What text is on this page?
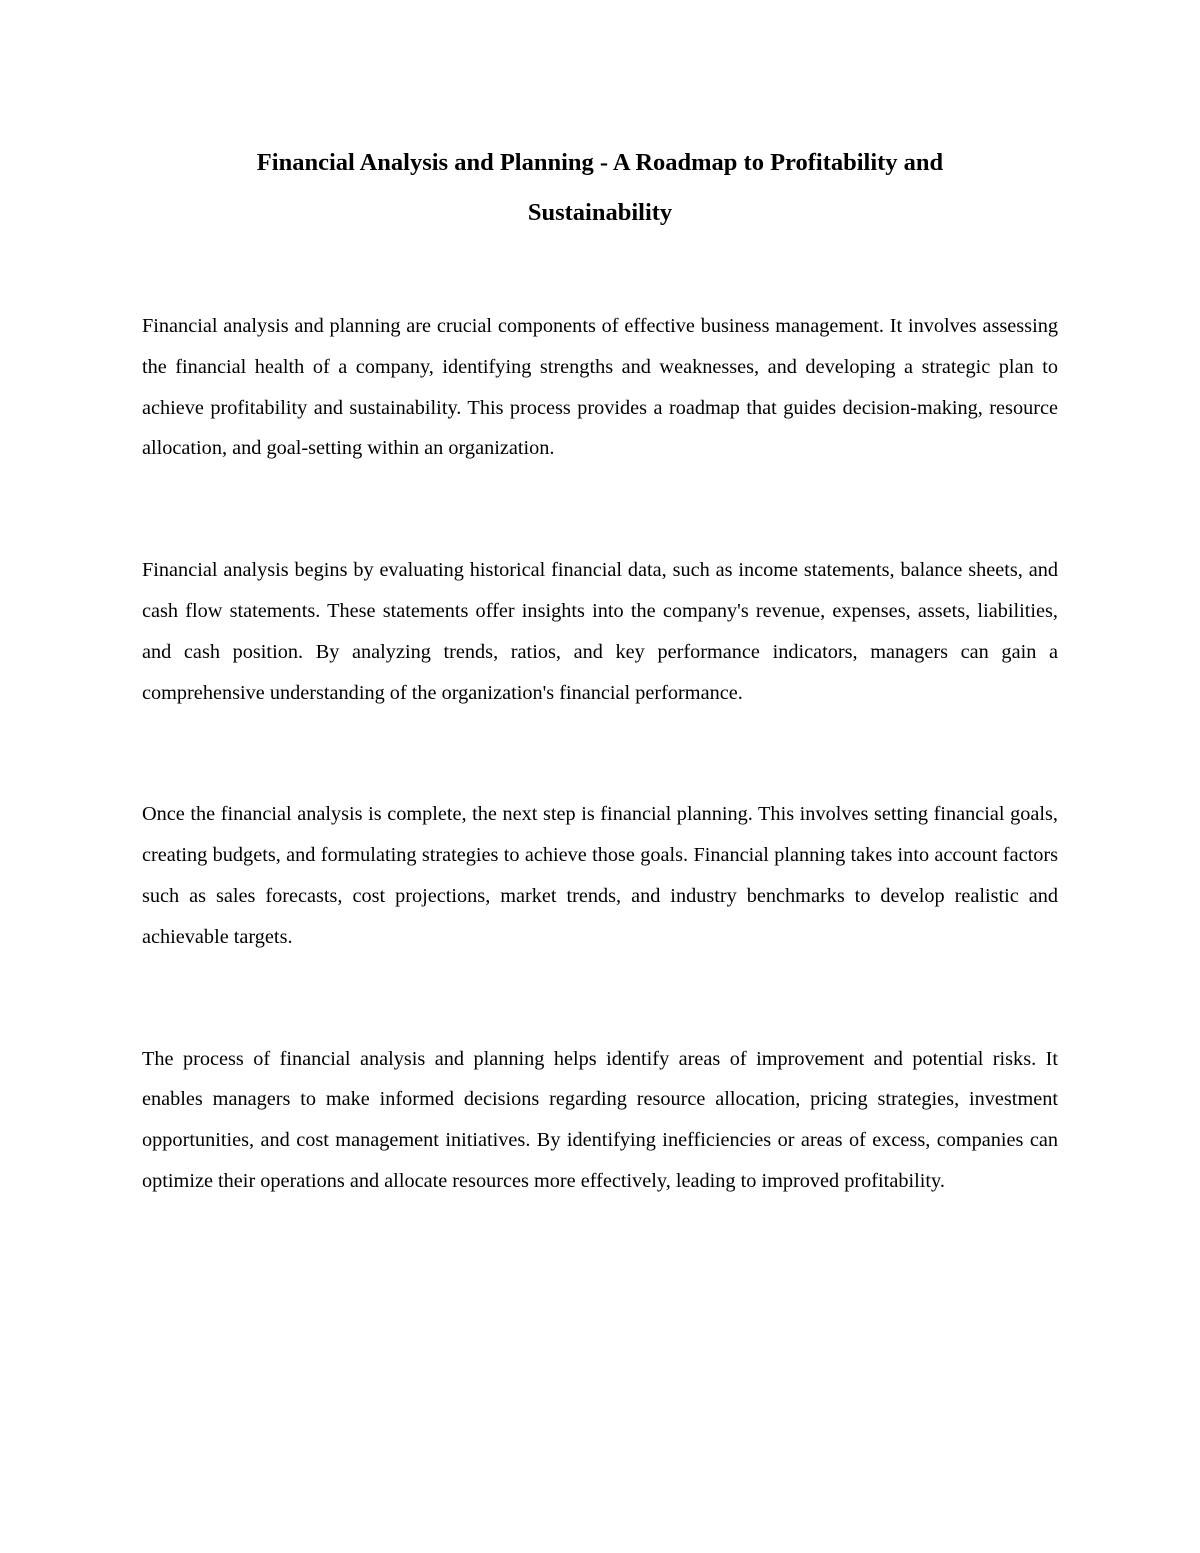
Financial Analysis and Planning - A Roadmap to Profitability and
Sustainability

Financial analysis and planning are crucial components of effective business management. It involves assessing the financial health of a company, identifying strengths and weaknesses, and developing a strategic plan to achieve profitability and sustainability. This process provides a roadmap that guides decision-making, resource allocation, and goal-setting within an organization.

Financial analysis begins by evaluating historical financial data, such as income statements, balance sheets, and cash flow statements. These statements offer insights into the company's revenue, expenses, assets, liabilities, and cash position. By analyzing trends, ratios, and key performance indicators, managers can gain a comprehensive understanding of the organization's financial performance.

Once the financial analysis is complete, the next step is financial planning. This involves setting financial goals, creating budgets, and formulating strategies to achieve those goals. Financial planning takes into account factors such as sales forecasts, cost projections, market trends, and industry benchmarks to develop realistic and achievable targets.

The process of financial analysis and planning helps identify areas of improvement and potential risks. It enables managers to make informed decisions regarding resource allocation, pricing strategies, investment opportunities, and cost management initiatives. By identifying inefficiencies or areas of excess, companies can optimize their operations and allocate resources more effectively, leading to improved profitability.
